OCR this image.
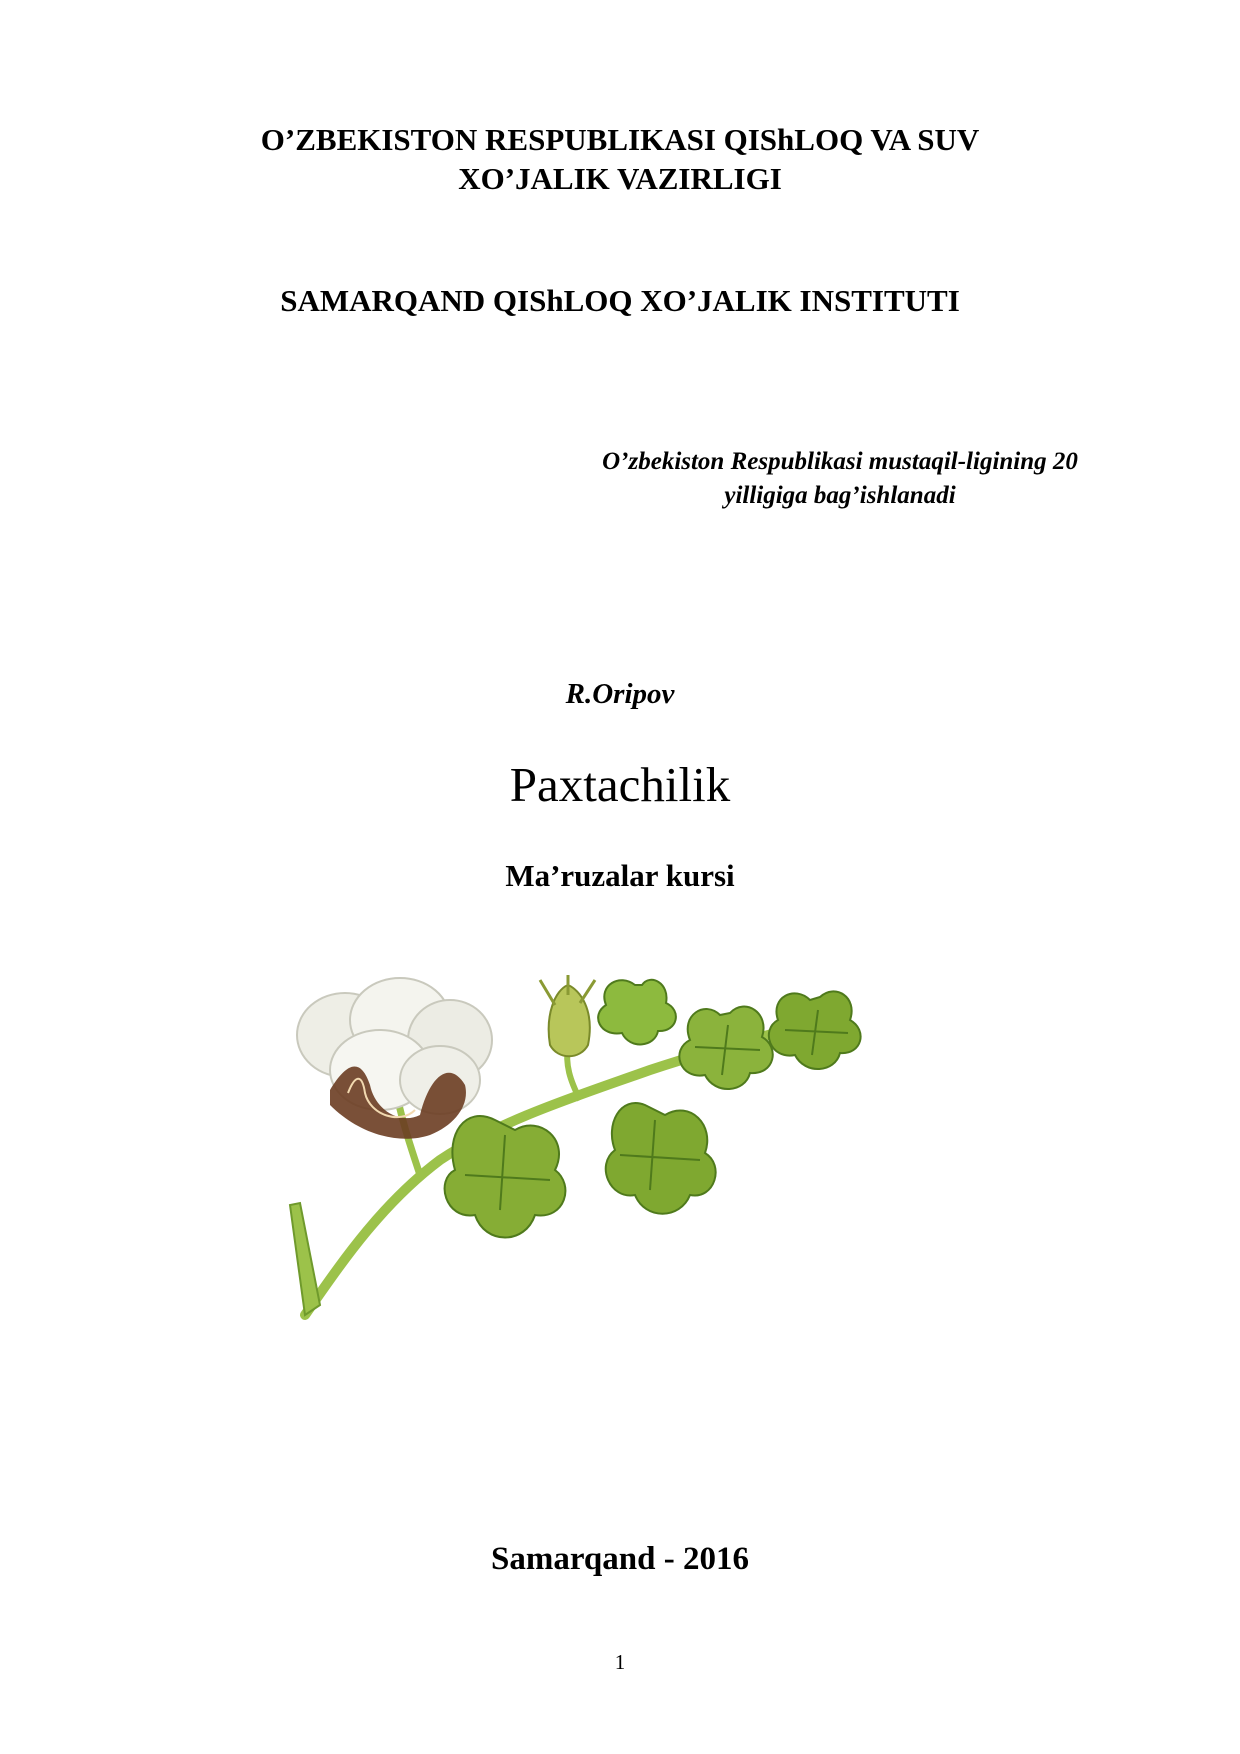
O’ZBEKISTON RESPUBLIKASI QIShLOQ VA SUV
XO’JALIK VAZIRLIGI
SAMARQAND QIShLOQ XO’JALIK INSTITUTI
O’zbekiston Respublikasi mustaqil-ligining 20
yilligiga bag’ishlanadi
R.Oripov
Paxtachilik
Ma’ruzalar kursi
Samarqand - 2016
1
